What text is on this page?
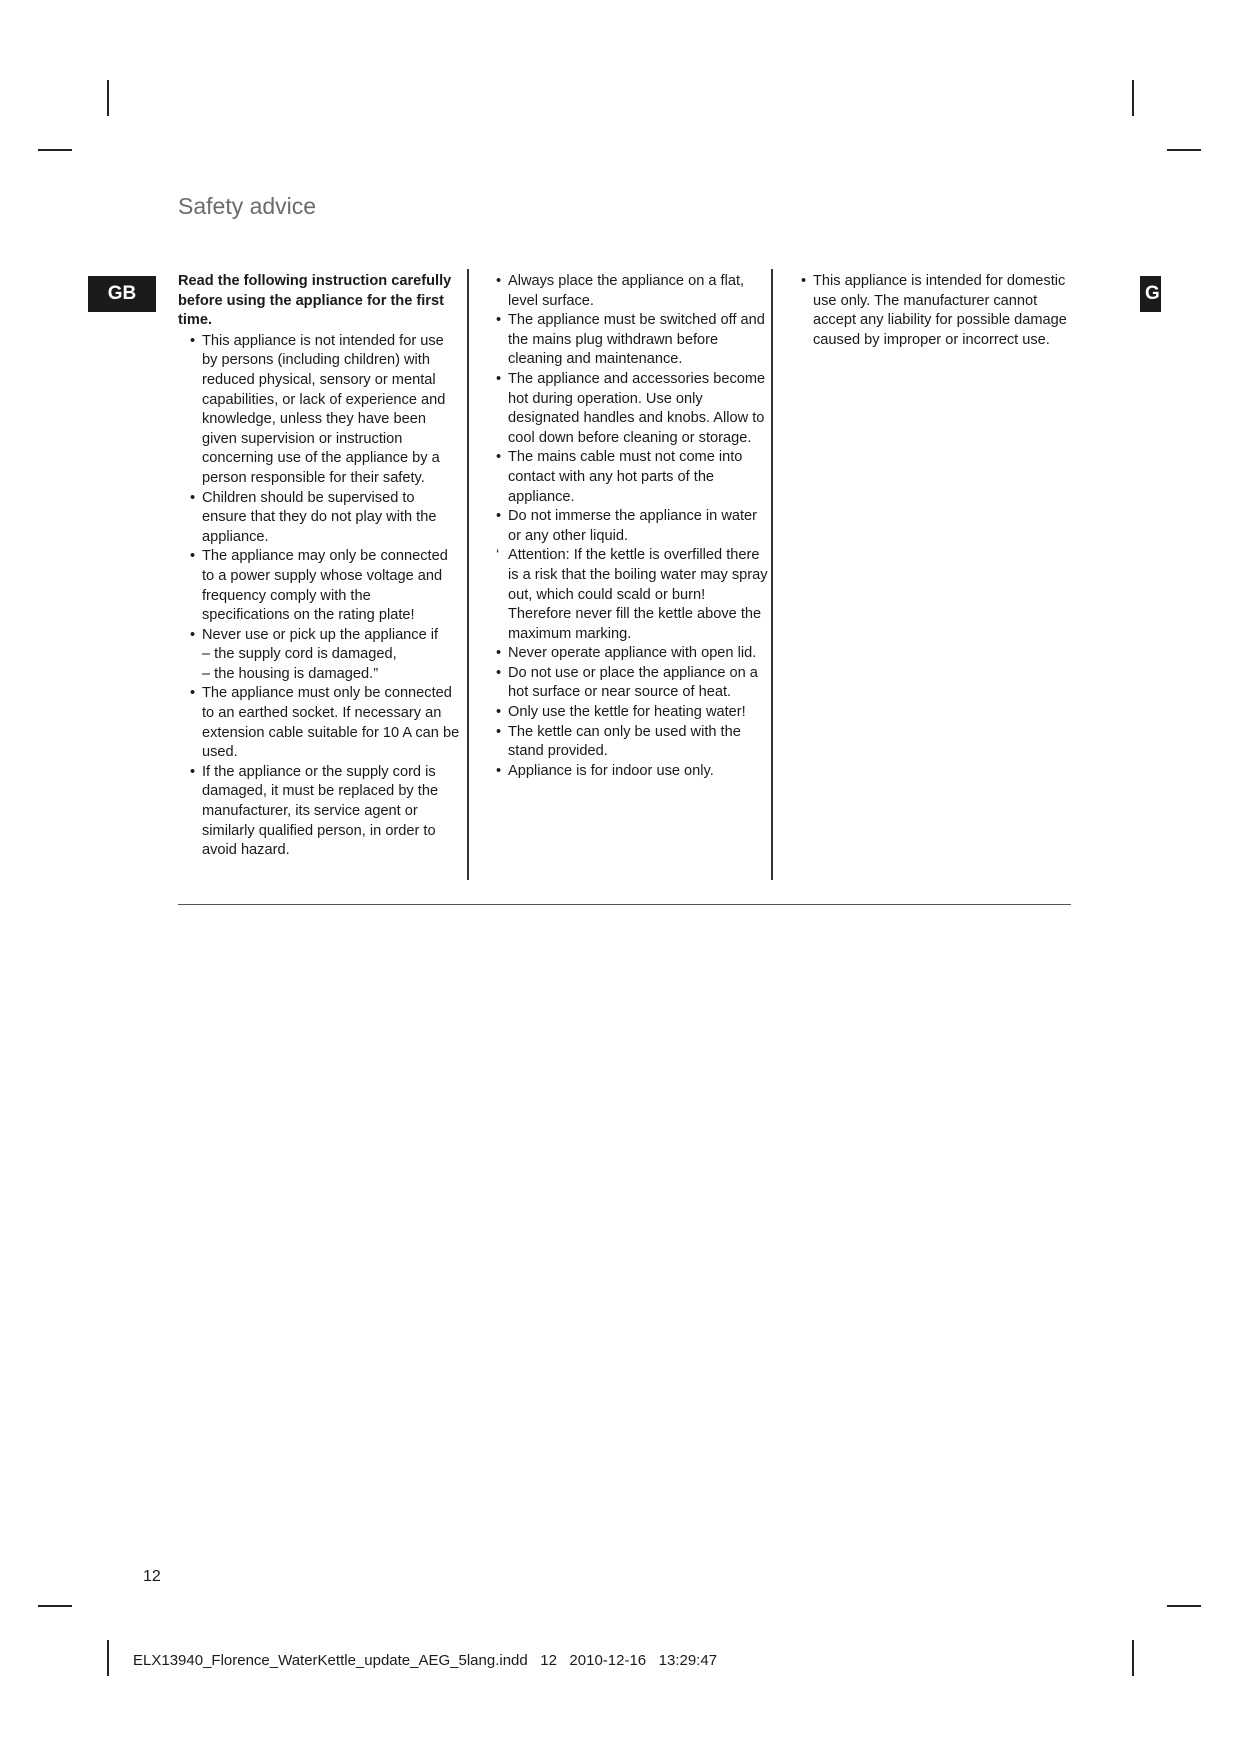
Safety advice
GB	G

Read the following instruction carefully before using the appliance for the first time.

• This appliance is not intended for use by persons (including children) with reduced physical, sensory or mental capabilities, or lack of experience and knowledge, unless they have been given supervision or instruction concerning use of the appliance by a person responsible for their safety.
• Children should be supervised to ensure that they do not play with the appliance.
• The appliance may only be connected to a power supply whose voltage and frequency comply with the specifications on the rating plate!
• Never use or pick up the appliance if
– the supply cord is damaged,
– the housing is damaged.”
• The appliance must only be connected to an earthed socket. If necessary an extension cable suitable for 10 A can be used.
• If the appliance or the supply cord is damaged, it must be replaced by the manufacturer, its service agent or similarly qualified person, in order to avoid hazard.
• Always place the appliance on a flat, level surface.
• The appliance must be switched off and the mains plug withdrawn before cleaning and maintenance.
• The appliance and accessories become hot during operation. Use only designated handles and knobs. Allow to cool down before cleaning or storage.
• The mains cable must not come into contact with any hot parts of the appliance.
• Do not immerse the appliance in water or any other liquid.
‘ Attention: If the kettle is overfilled there is a risk that the boiling water may spray out, which could scald or burn! Therefore never fill the kettle above the maximum marking.
• Never operate appliance with open lid.
• Do not use or place the appliance on a hot surface or near source of heat.
• Only use the kettle for heating water!
• The kettle can only be used with the stand provided.
• Appliance is for indoor use only.
• This appliance is intended for domestic use only. The manufacturer cannot accept any liability for possible damage caused by improper or incorrect use.
12
ELX13940_Florence_WaterKettle_update_AEG_5lang.indd   12   2010-12-16   13:29:47
